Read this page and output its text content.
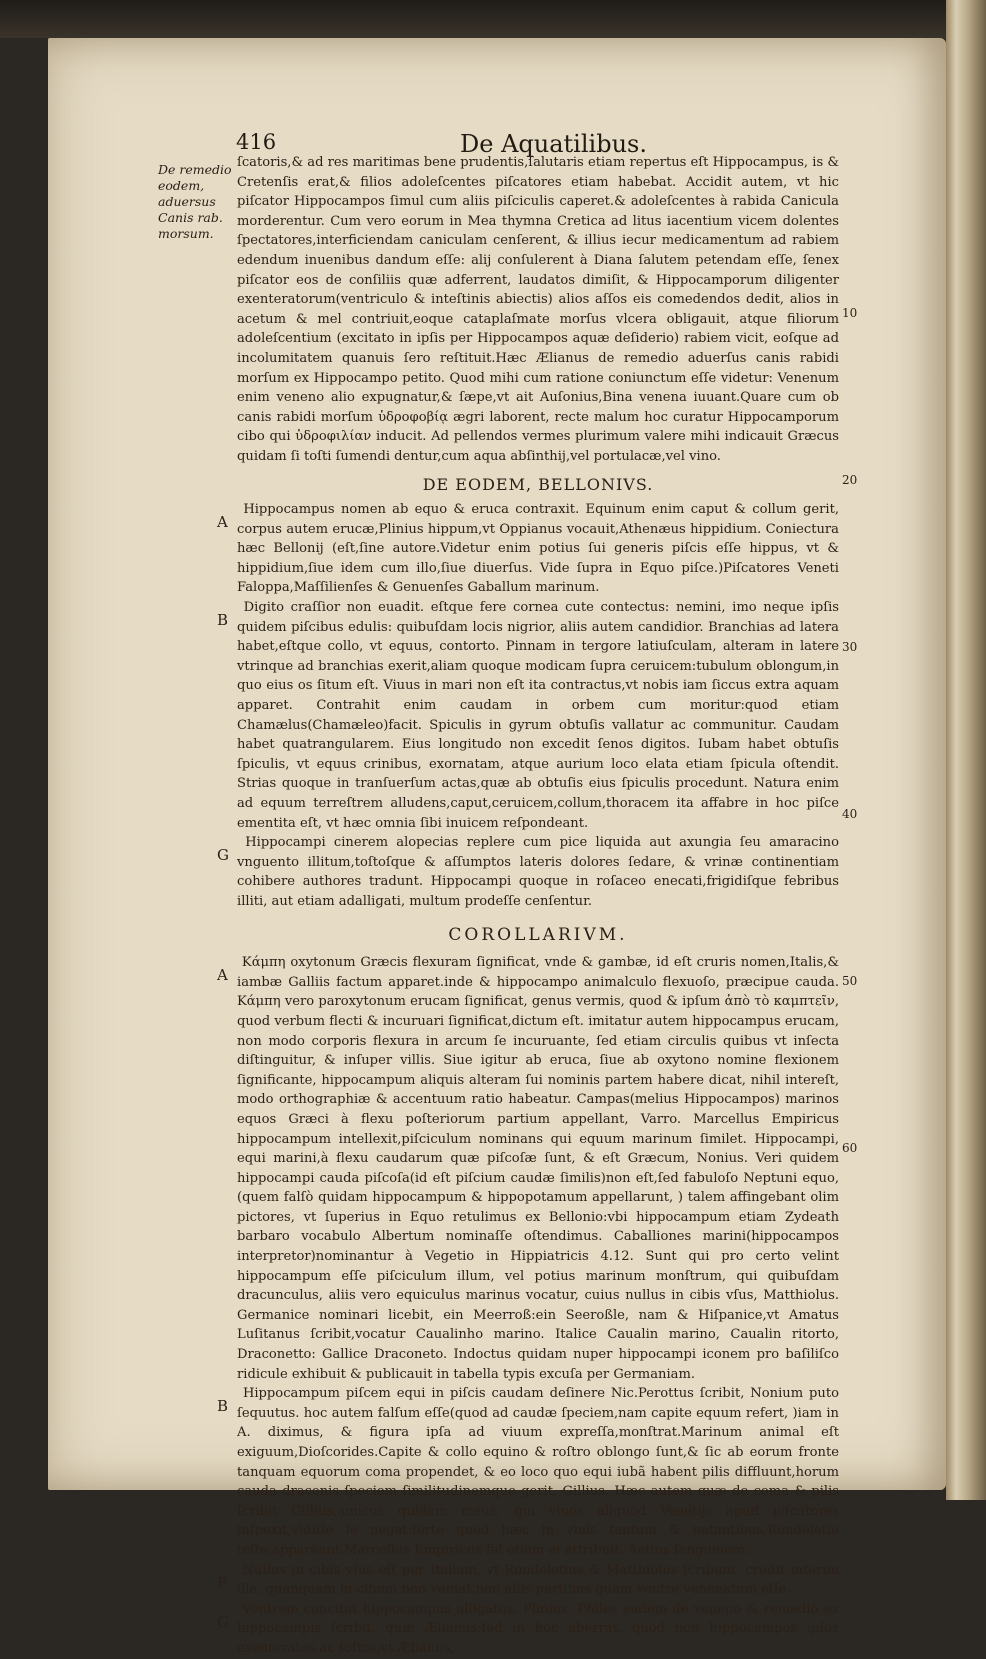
416	De Aquatilibus.
De remedio eodem, aduersus Canis rab. morsum.

ſcatoris,& ad res maritimas bene prudentis,ſalutaris etiam repertus eſt Hippocampus, is & Cretenſis erat,& filios adoleſcentes piſcatores etiam habebat. Accidit autem, vt hic piſcator Hippocampos ſimul cum aliis piſciculis caperet.& adoleſcentes à rabida Canicula morderentur. Cum vero eorum in Mea thymna Cretica ad litus iacentium vicem dolentes ſpectatores,interficiendam caniculam cenſerent, & illius iecur medicamentum ad rabiem edendum inuenibus dandum eſſe: alij conſulerent à Diana ſalutem petendam eſſe, ſenex piſcator eos de conſiliis quæ adferrent, laudatos dimiſit, & Hippocamporum diligenter exenteratorum(ventriculo & inteſtinis abiectis) alios aſſos eis comedendos dedit, alios in acetum & mel contriuit,eoque cataplaſmate morſus vlcera obligauit, atque filiorum adoleſcentium (excitato in ipſis per Hippocampos aquæ deſiderio) rabiem vicit, eoſque ad incolumitatem quanuis ſero reſtituit.Hæc Ælianus de remedio aduerſus canis rabidi morſum ex Hippocampo petito. Quod mihi cum ratione coniunctum eſſe videtur: Venenum enim veneno alio expugnatur,& ſæpe,vt ait Auſonius,Bina venena iuuant.Quare cum ob canis rabidi morſum ὑδροφοβίᾳ ægri laborent, recte malum hoc curatur Hippocamporum cibo qui ὑδροφιλίαν inducit. Ad pellendos vermes plurimum valere mihi indicauit Græcus quidam ſi toſti ſumendi dentur,cum aqua abſinthij,vel portulacæ,vel vino.

DE EODEM, BELLONIVS.

A
Hippocampus nomen ab equo & eruca contraxit. Equinum enim caput & collum gerit, corpus autem erucæ,Plinius hippum,vt Oppianus vocauit,Athenæus hippidium. Coniectura hæc Bellonij (eſt,ſine autore.Videtur enim potius ſui generis piſcis eſſe hippus, vt & hippidium,ſiue idem cum illo,ſiue diuerſus. Vide ſupra in Equo piſce.)Piſcatores Veneti Faloppa,Maſſilienſes & Genuenſes Gaballum marinum.

B
Digito craſſior non euadit. eſtque fere cornea cute contectus: nemini, imo neque ipſis quidem piſcibus edulis: quibuſdam locis nigrior, aliis autem candidior. Branchias ad latera habet,eſtque collo, vt equus, contorto. Pinnam in tergore latiuſculam, alteram in latere vtrinque ad branchias exerit,aliam quoque modicam ſupra ceruicem:tubulum oblongum,in quo eius os ſitum eſt. Viuus in mari non eſt ita contractus,vt nobis iam ſiccus extra aquam apparet. Contrahit enim caudam in orbem cum moritur:quod etiam Chamælus(Chamæleo)facit. Spiculis in gyrum obtuſis vallatur ac communitur. Caudam habet quatrangularem. Eius longitudo non excedit ſenos digitos. Iubam habet obtuſis ſpiculis, vt equus crinibus, exornatam, atque aurium loco elata etiam ſpicula oſtendit. Strias quoque in tranſuerſum actas,quæ ab obtuſis eius ſpiculis procedunt. Natura enim ad equum terreſtrem alludens,caput,ceruicem,collum,thoracem ita affabre in hoc piſce ementita eſt, vt hæc omnia ſibi inuicem reſpondeant.

G
Hippocampi cinerem alopecias replere cum pice liquida aut axungia ſeu amaracino vnguento illitum,toſtoſque & aſſumptos lateris dolores ſedare, & vrinæ continentiam cohibere authores tradunt. Hippocampi quoque in roſaceo enecati,frigidiſque febribus illiti, aut etiam adalligati, multum prodeſſe cenſentur.

COROLLARIVM.

A
Κάμπη oxytonum Græcis flexuram ſignificat, vnde & gambæ, id eſt cruris nomen,Italis,& iambæ Galliis factum apparet.inde & hippocampo animalculo flexuoſo, præcipue cauda. Κάμπη vero paroxytonum erucam ſignificat, genus vermis, quod & ipſum ἀπὸ τὸ καμπτεῖν, quod verbum flecti & incuruari ſignificat,dictum eſt. imitatur autem hippocampus erucam, non modo corporis flexura in arcum ſe incuruante, ſed etiam circulis quibus vt inſecta diſtinguitur, & inſuper villis. Siue igitur ab eruca, ſiue ab oxytono nomine flexionem ſignificante, hippocampum aliquis alteram ſui nominis partem habere dicat, nihil intereſt, modo orthographiæ & accentuum ratio habeatur. Campas(melius Hippocampos) marinos equos Græci à flexu poſteriorum partium appellant, Varro. Marcellus Empiricus hippocampum intellexit,piſciculum nominans qui equum marinum ſimilet. Hippocampi, equi marini,à flexu caudarum quæ piſcoſæ ſunt, & eſt Græcum, Nonius. Veri quidem hippocampi cauda piſcoſa(id eſt piſcium caudæ ſimilis)non eſt,ſed fabuloſo Neptuni equo, (quem falſò quidam hippocampum & hippopotamum appellarunt, ) talem affingebant olim pictores, vt ſuperius in Equo retulimus ex Bellonio:vbi hippocampum etiam Zydeath barbaro vocabulo Albertum nominaſſe oſtendimus. Caballiones marini(hippocampos interpretor)nominantur à Vegetio in Hippiatricis 4.12. Sunt qui pro certo velint hippocampum eſſe piſciculum illum, vel potius marinum monſtrum, qui quibuſdam dracunculus, aliis vero equiculus marinus vocatur, cuius nullus in cibis vſus, Matthiolus. Germanice nominari licebit, ein Meerroß:ein Seeroßle, nam & Hiſpanice,vt Amatus Luſitanus ſcribit,vocatur Caualinho marino. Italice Caualin marino, Caualin ritorto, Draconetto: Gallice Draconeto. Indoctus quidam nuper hippocampi iconem pro baſiliſco ridicule exhibuit & publicauit in tabella typis excuſa per Germaniam.

B
Hippocampum piſcem equi in piſcis caudam deſinere Nic.Perottus ſcribit, Nonium puto ſequutus. hoc autem falſum eſſe(quod ad caudæ ſpeciem,nam capite equum refert, )iam in A. diximus, & figura ipſa ad viuum expreſſa,monſtrat.Marinum animal eſt exiguum,Dioſcorides.Capite & collo equino & roſtro oblongo ſunt,& ſic ab eorum fronte tanquam equorum coma propendet, & eo loco quo equi iubã habent pilis diffluunt,horum cauda draconis ſpeciem ſimilitudinemque gerit, Gillius. Hæc autem quæ de coma & pilis ſcribit Gillius,amicus quidam meus, qui viuos aliquod Venetijs apud piſcatores inſpexit,vidiſſe ſe negat:forte quod hæc in viuis tantum & natantibus,Rondeletio teſte,appareant.Marcellus Empiricus fel etiam ei attribuit. Aetius ſanguinem.

F
Nullus in cibis vſus eſt per Italiam, vt Rondeletius & Matthiolus ſcribunt. credit interim ille, quanquam in cibum non veniat,non aliis partibus quam ventre venenatum eſſe.

G
Ventrem concitat hippocampus alligatus, Plinius. Philes eadem de veneno & remedio ex hippocampis ſcribit, quæ Ælianus;ſed in hoc aberrat, quod non hippocampos ipſos exenteratos,ac toſtos,vt Ælianus,

10
20
30
40
50
60
